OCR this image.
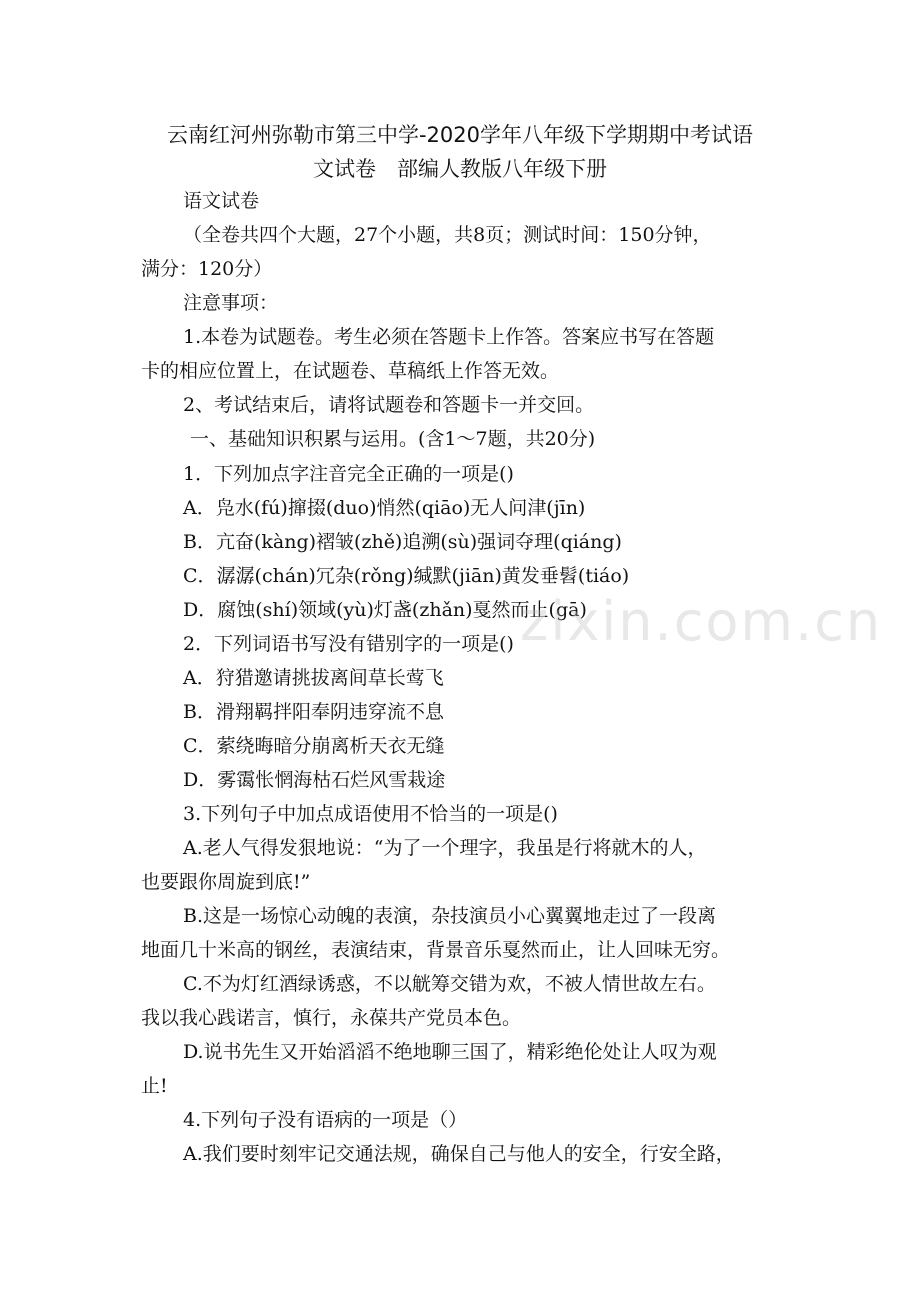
云南红河州弥勒市第三中学-2020学年八年级下学期期中考试语
文试卷　部编人教版八年级下册
语文试卷
（全卷共四个大题，27个小题，共8页；测试时间：150分钟，
满分：120分）
注意事项：
1.本卷为试题卷。考生必须在答题卡上作答。答案应书写在答题
卡的相应位置上，在试题卷、草稿纸上作答无效。
2、考试结束后，请将试题卷和答题卡一并交回。
一、基础知识积累与运用。(含1～7题，共20分)
1．下列加点字注音完全正确的一项是()
A．凫水(fú)撺掇(duo)悄然(qiāo)无人问津(jīn)
B．亢奋(kàng)褶皱(zhě)追溯(sù)强词夺理(qiáng)
C．潺潺(chán)冗杂(rǒng)缄默(jiān)黄发垂髫(tiáo)
D．腐蚀(shí)领域(yù)灯盏(zhǎn)戛然而止(gā)
2．下列词语书写没有错别字的一项是()
A．狩猎邀请挑拔离间草长莺飞
B．滑翔羁拌阳奉阴违穿流不息
C．萦绕晦暗分崩离析天衣无缝
D．雾霭怅惘海枯石烂风雪栽途
3.下列句子中加点成语使用不恰当的一项是()
A.老人气得发狠地说：“为了一个理字，我虽是行将就木的人，
也要跟你周旋到底!”
B.这是一场惊心动魄的表演，杂技演员小心翼翼地走过了一段离
地面几十米高的钢丝，表演结束，背景音乐戛然而止，让人回味无穷。
C.不为灯红酒绿诱惑，不以觥筹交错为欢，不被人情世故左右。
我以我心践诺言，慎行，永葆共产党员本色。
D.说书先生又开始滔滔不绝地聊三国了，精彩绝伦处让人叹为观
止!
4.下列句子没有语病的一项是（）
A.我们要时刻牢记交通法规，确保自己与他人的安全，行安全路，
zixin.com.cn
